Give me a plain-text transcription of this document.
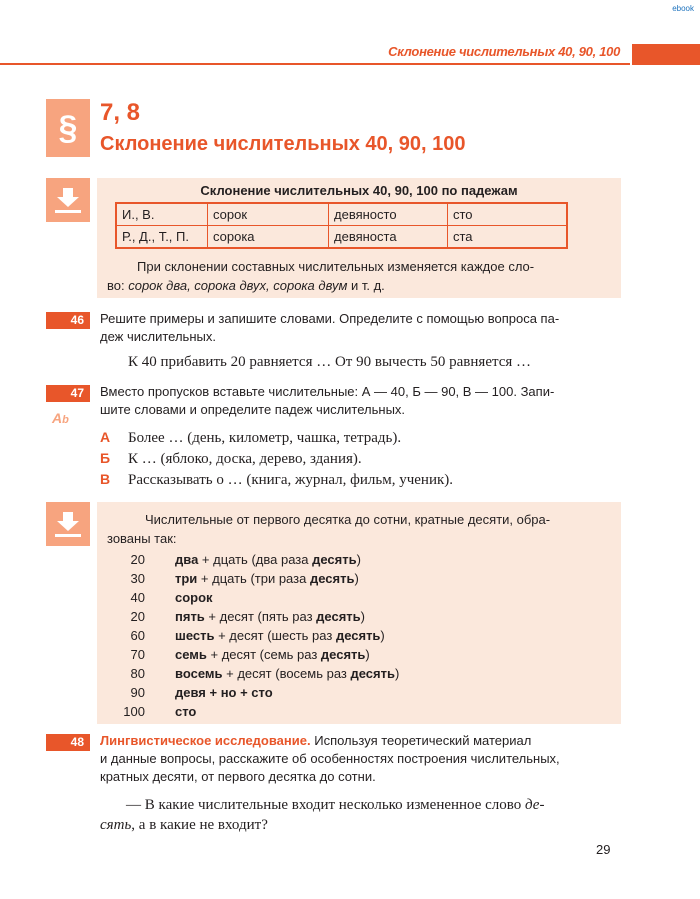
ebook
Склонение числительных 40, 90, 100
§ 7, 8
Склонение числительных 40, 90, 100
Склонение числительных 40, 90, 100 по падежам
И., В.	сорок	девяносто	сто
Р., Д., Т., П.	сорока	девяноста	ста
При склонении составных числительных изменяется каждое сло-
во: сорок два, сорока двух, сорока двум и т. д.
46	Решите примеры и запишите словами. Определите с помощью вопроса па-
деж числительных.
К 40 прибавить 20 равняется … От 90 вычесть 50 равняется …
47
Ab
Вместо пропусков вставьте числительные: А — 40, Б — 90, В — 100. Запи-
шите словами и определите падеж числительных.
А Более … (день, километр, чашка, тетрадь).
Б К … (яблоко, доска, дерево, здания).
В Рассказывать о … (книга, журнал, фильм, ученик).
Числительные от первого десятка до сотни, кратные десяти, обра-
зованы так:
20	два + дцать (два раза десять)
30	три + дцать (три раза десять)
40	сорок
20	пять + десят (пять раз десять)
60	шесть + десят (шесть раз десять)
70	семь + десят (семь раз десять)
80	восемь + десят (восемь раз десять)
90	девя + но + сто
100	сто
48	Лингвистическое исследование. Используя теоретический материал
и данные вопросы, расскажите об особенностях построения числительных,
кратных десяти, от первого десятка до сотни.
— В какие числительные входит несколько измененное слово де-
сять, а в какие не входит?
29
